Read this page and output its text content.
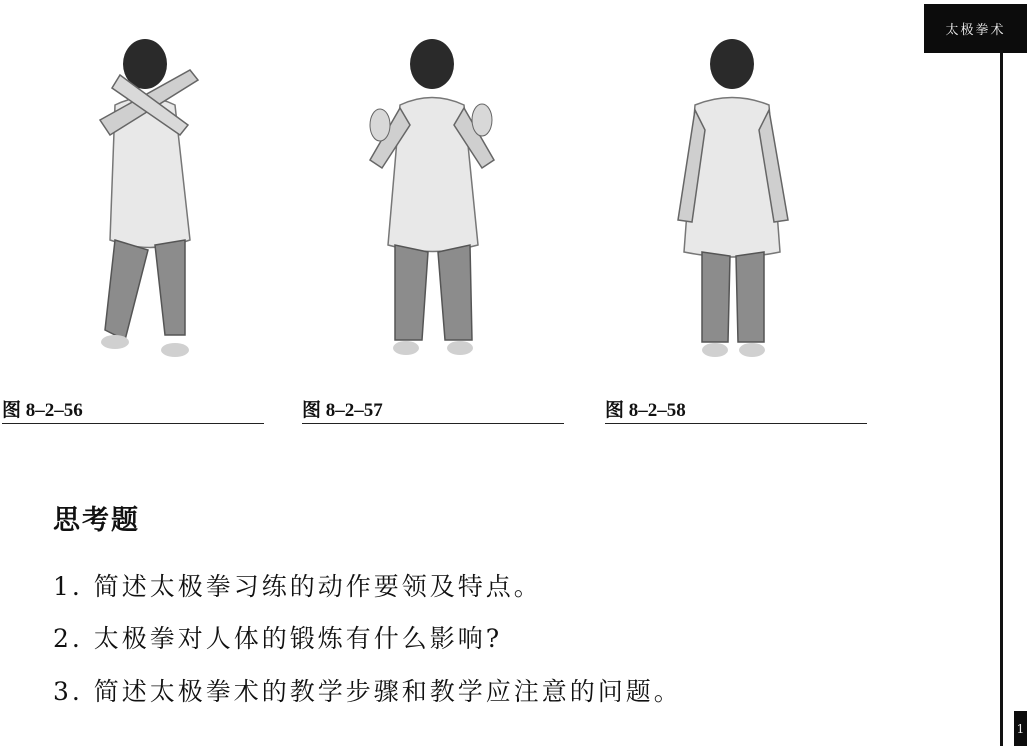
太极拳术
图 8–2–56	图 8–2–57	图 8–2–58
思考题
1. 简述太极拳习练的动作要领及特点。
2. 太极拳对人体的锻炼有什么影响?
3. 简述太极拳术的教学步骤和教学应注意的问题。
1
